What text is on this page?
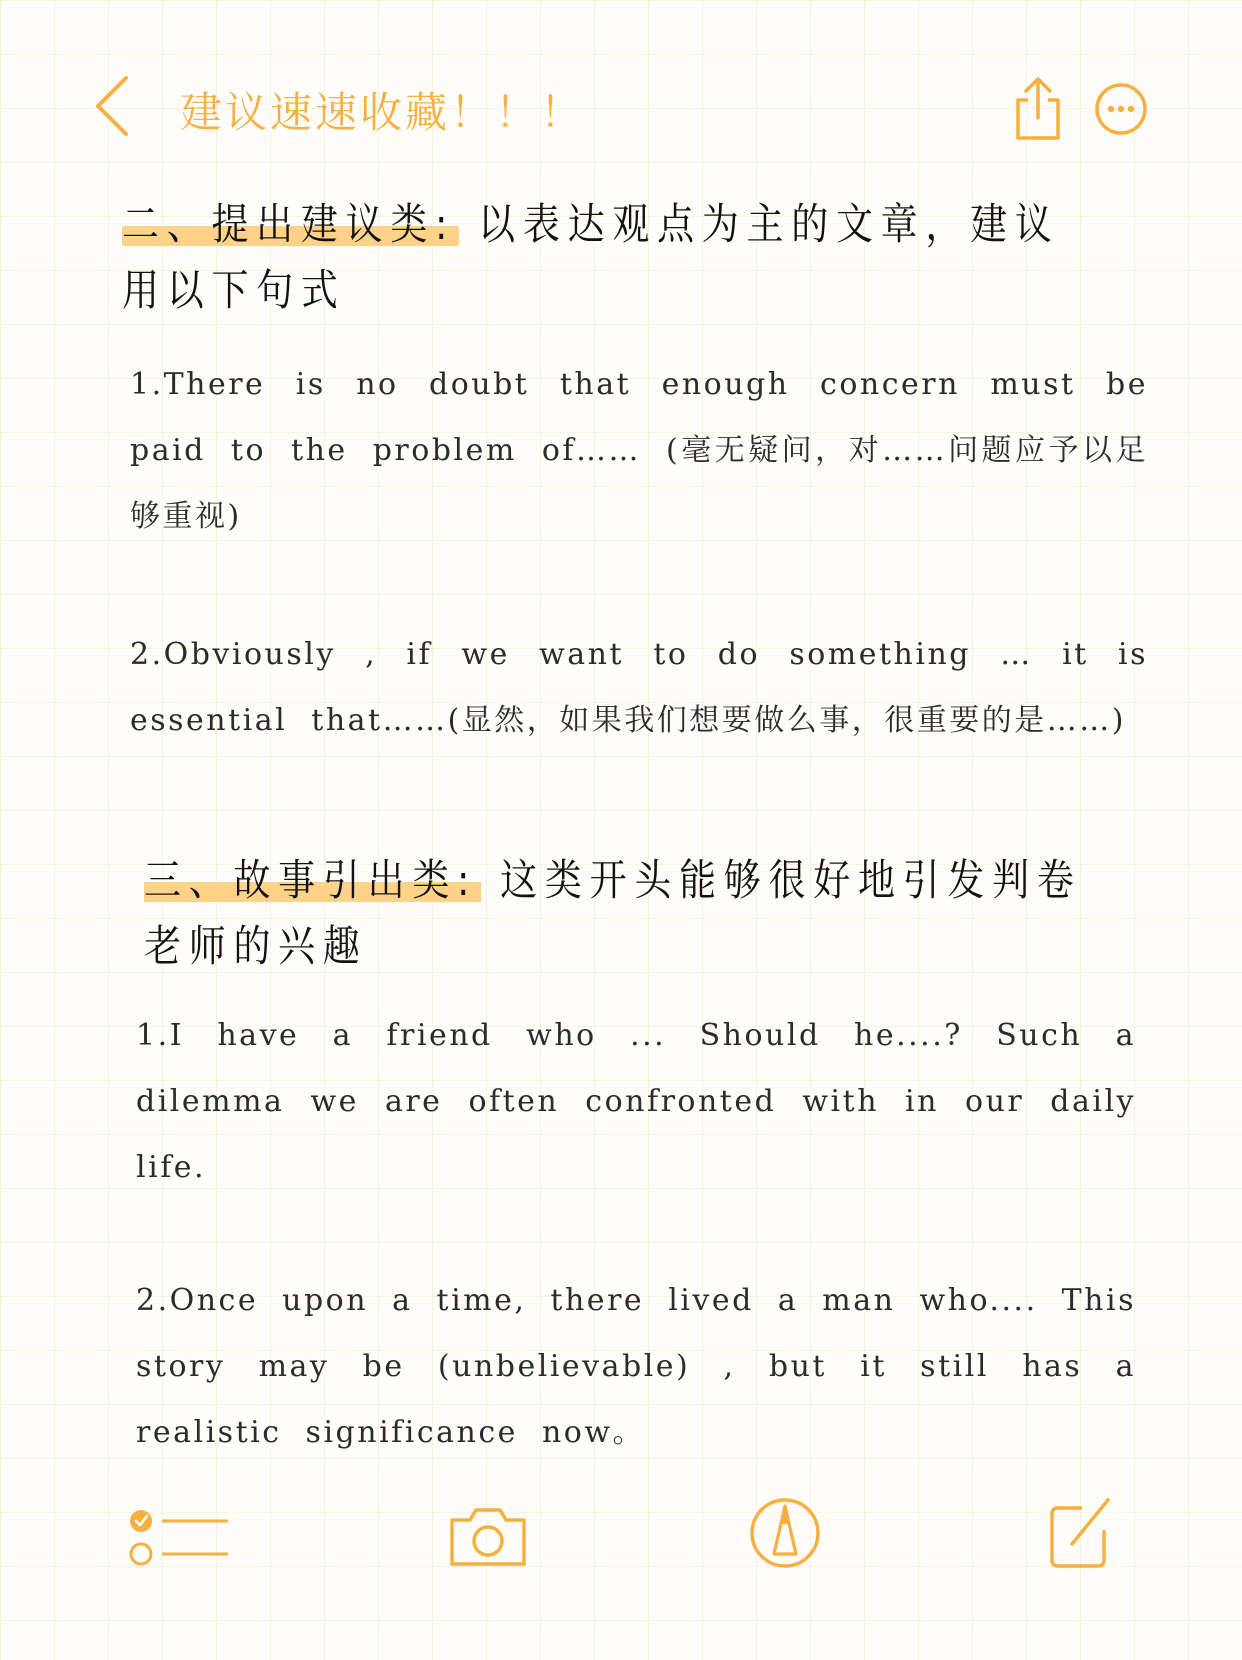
建议速速收藏！！！
二、提出建议类: 以表达观点为主的文章，建议用以下句式
1.There is no doubt that enough concern must be paid to the problem of…… (毫无疑问，对……问题应予以足够重视)
2.Obviously , if we want to do something … it is essential that……(显然，如果我们想要做么事，很重要的是……)
三、故事引出类: 这类开头能够很好地引发判卷老师的兴趣
1.I have a friend who ... Should he....? Such a dilemma we are often confronted with in our daily life.
2.Once upon a time, there lived a man who.... This story may be (unbelievable) , but it still has a realistic significance now。
